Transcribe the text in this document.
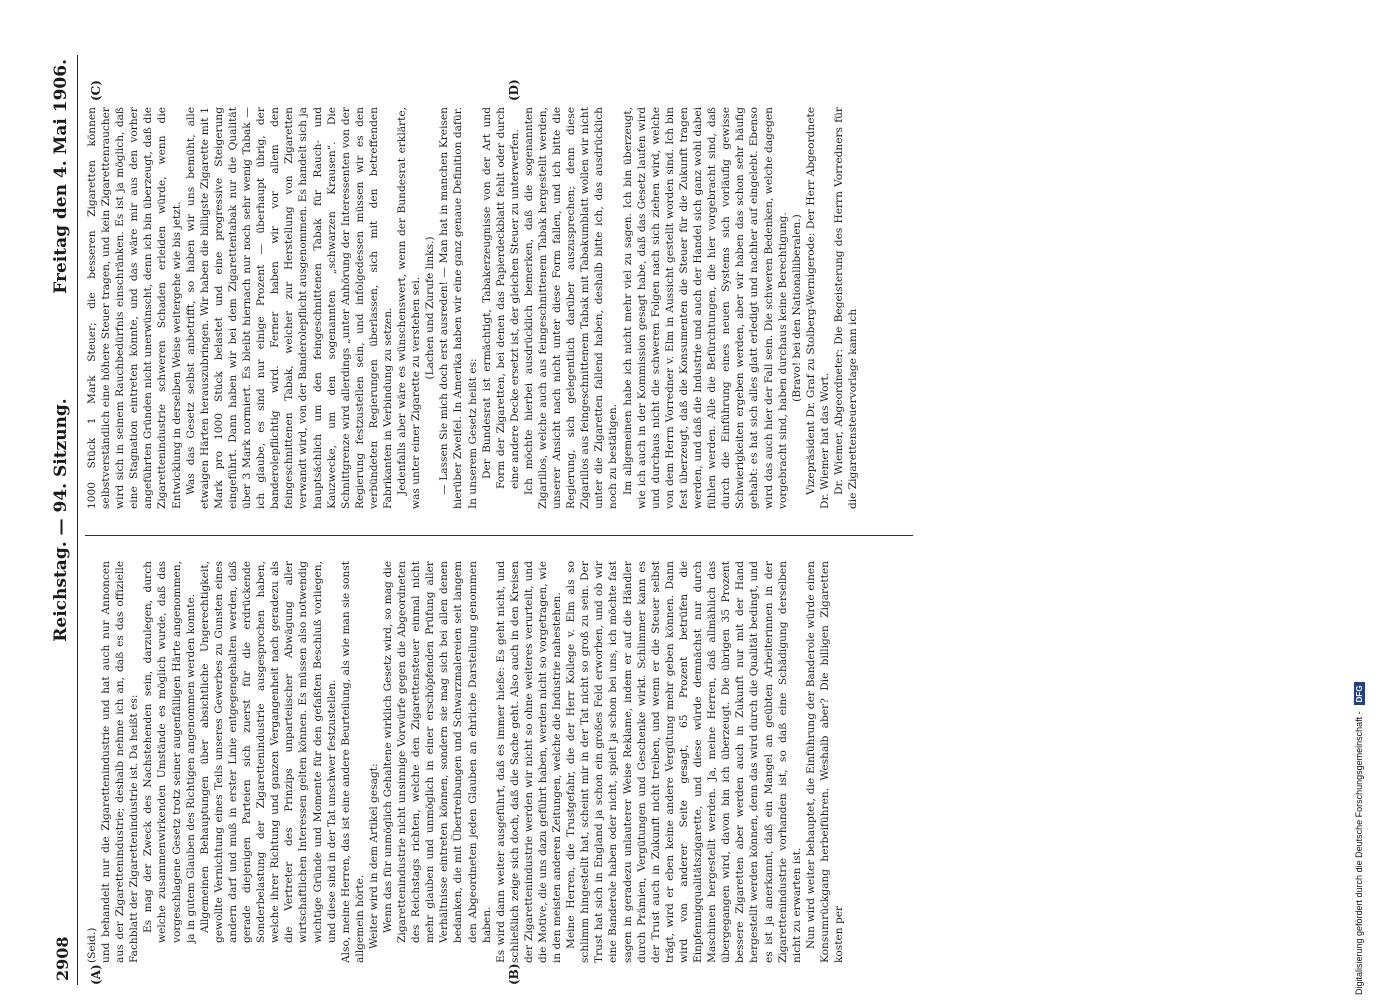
2908
Reichstag. — 94. Sitzung.
Freitag den 4. Mai 1906.
(A)	(B)
(C)	(D)

(Seid.) und behandelt nur die Zigarettenindustrie und hat auch nur Annoncen aus der Zigarettenindustrie; deshalb nehme ich an, daß es das offizielle Fachblatt der Zigarettenindustrie ist. Da heißt es: Es mag der Zweck des Nachstehenden sein, darzulegen, durch welche zusammenwirkenden Umstände es möglich wurde, daß das vorgeschlagene Gesetz trotz seiner augenfälligen Härte angenommen, ja in gutem Glauben des Richtigen angenommen werden konnte. Allgemeinen Behauptungen über absichtliche Ungerechtigkeit, gewollte Vernichtung eines Teils unseres Gewerbes zu Gunsten eines andern darf und muß in erster Linie entgegengehalten werden, daß gerade diejenigen Parteien sich zuerst für die erdrückende Sonderbelastung der Zigarettenindustrie ausgesprochen haben, welche ihrer Richtung und ganzen Vergangenheit nach geradezu als die Vertreter des Prinzips unparteiischer Abwägung aller wirtschaftlichen Interessen gelten können. Es müssen also notwendig wichtige Gründe und Momente für den gefaßten Beschluß vorliegen, und diese sind in der Tat unschwer festzustellen. Also, meine Herren, das ist eine andere Beurteilung, als wie man sie sonst allgemein hörte. Weiter wird in dem Artikel gesagt: Wenn das für unmöglich Gehaltene wirklich Gesetz wird, so mag die Zigarettenindustrie nicht unsinnige Vorwürfe gegen die Abgeordneten des Reichstags richten, welche den Zigarettensteuer einmal nicht mehr glauben und unmöglich in einer erschöpfenden Prüfung aller Verhältnisse eintreten können, sondern sie mag sich bei allen denen bedanken, die mit Übertreibungen und Schwarzmalereien seit langem den Abgeordneten jeden Glauben an ehrliche Darstellung genommen haben. Es wird dann weiter ausgeführt, daß es immer hieße: Es geht nicht, und schließlich zeige sich doch, daß die Sache geht. Also auch in den Kreisen der Zigarettenindustrie werden wir nicht so ohne weiteres verurteilt, und die Motive, die uns dazu geführt haben, werden nicht so vorgetragen, wie in den meisten anderen Zeitungen, welche die Industrie nahestehen. Meine Herren, die Trustgefahr, die der Herr Kollege v. Elm als so schlimm hingestellt hat, scheint mir in der Tat nicht so groß zu sein. Der Trust hat sich in England ja schon ein großes Feld erworben, und ob wir eine Banderole haben oder nicht, spielt ja schon bei uns, ich möchte fast sagen in geradezu unlauterer Weise Reklame, indem er auf die Händler durch Prämien, Vergütungen und Geschenke wirkt. Schlimmer kann es der Trust auch in Zukunft nicht treiben, und wenn er die Steuer selbst trägt, wird er eben keine andere Vergütung mehr geben können. Dann wird von anderer Seite gesagt, 65 Prozent betrüfen die Einpfennigqualitätszigarette, und diese würde demnächst nur durch Maschinen hergestellt werden. Ja, meine Herren, daß allmählich das übergegangen wird, davon bin ich überzeugt. Die übrigen 35 Prozent bessere Zigaretten aber werden auch in Zukunft nur mit der Hand hergestellt werden können, denn das wird durch die Qualität bedingt, und es ist ja anerkannt, daß ein Mangel an geübten Arbeiterinnen in der Zigarettenindustrie vorhanden ist, so daß eine Schädigung derselben nicht zu erwarten ist. Nun wird weiter behauptet, die Einführung der Banderole würde einen Konsumrückgang herbeiführen. Weshalb aber? Die billigen Zigaretten kosten per

1000 Stück 1 Mark Steuer; die besseren Zigaretten können selbstverständlich eine höhere Steuer tragen, und kein Zigarettenraucher wird sich in seinem Rauchbedürfnis einschränken. Es ist ja möglich, daß eine Stagnation eintreten könnte, und das wäre mir aus den vorher angeführten Gründen nicht unerwünscht, denn ich bin überzeugt, daß die Zigarettenindustrie schweren Schaden erleiden würde, wenn die Entwicklung in derselben Weise weitergehe wie bis jetzt. Was das Gesetz selbst anbetrifft, so haben wir uns bemüht, alle etwaigen Härten herauszubringen. Wir haben die billigste Zigarette mit 1 Mark pro 1000 Stück belastet und eine progressive Steigerung eingeführt. Dann haben wir bei dem Zigarettentabak nur die Qualität über 3 Mark normiert. Es bleibt hiernach nur noch sehr wenig Tabak — ich glaube, es sind nur einige Prozent — überhaupt übrig, der banderolepflichtig wird. Ferner haben wir vor allem den feingeschnittenen Tabak, welcher zur Herstellung von Zigaretten verwandt wird, von der Banderolepflicht ausgenommen. Es handelt sich ja hauptsächlich um den feingeschnittenen Tabak für Rauch- und Kauzwecke, um den sogenannten „schwarzen Krausen“. Die Schnittgrenze wird allerdings „unter Anhörung der Interessenten von der Regierung festzustellen sein, und infolgedessen müssen wir es den verbündeten Regierungen überlassen, sich mit den betreffenden Fabrikanten in Verbindung zu setzen. Jedenfalls aber wäre es wünschenswert, wenn der Bundesrat erklärte, was unter einer Zigarette zu verstehen sei. (Lachen und Zurufe links.) — Lassen Sie mich doch erst ausreden! — Man hat in manchen Kreisen hierüber Zweifel. In Amerika haben wir eine ganz genaue Definition dafür. In unserem Gesetz heißt es: Der Bundesrat ist ermächtigt, Tabakerzeugnisse von der Art und Form der Zigaretten, bei denen das Papierdeckblatt fehlt oder durch eine andere Decke ersetzt ist, der gleichen Steuer zu unterwerfen. Ich möchte hierbei ausdrücklich bemerken, daß die sogenannten Zigarillos, welche auch aus feingeschnittenem Tabak hergestellt werden, unserer Ansicht nach nicht unter diese Form fallen, und ich bitte die Regierung, sich gelegentlich darüber auszusprechen; denn diese Zigarillos aus feingeschnittenem Tabak mit Tabakumblatt wollen wir nicht unter die Zigaretten fallend haben, deshalb bitte ich, das ausdrücklich noch zu bestätigen. Im allgemeinen habe ich nicht mehr viel zu sagen. Ich bin überzeugt, wie ich auch in der Kommission gesagt habe, daß das Gesetz laufen wird und durchaus nicht die schweren Folgen nach sich ziehen wird, welche von dem Herrn Vorredner v. Elm in Aussicht gestellt worden sind. Ich bin fest überzeugt, daß die Konsumenten die Steuer für die Zukunft tragen werden, und daß die Industrie und auch der Handel sich ganz wohl dabei fühlen werden. Alle die Befürchtungen, die hier vorgebracht sind, daß durch die Einführung eines neuen Systems sich vorläufig gewisse Schwierigkeiten ergeben werden, aber wir haben das schon sehr häufig gehabt: es hat sich alles glatt erledigt und nachher auf eingelebt. Ebenso wird das auch hier der Fall sein. Die schweren Bedenken, welche dagegen vorgebracht sind, haben durchaus keine Berechtigung. (Bravo! bei den Nationalliberalen.) Vizepräsident Dr. Graf zu Stolberg-Wernigerode: Der Herr Abgeordnete Dr. Wiemer hat das Wort. Dr. Wiemer, Abgeordneter: Die Begeisterung des Herrn Vorredners für die Zigarettensteuervorlage kann ich

Digitalisierung gefördert durch die Deutsche Forschungsgemeinschaft -DFG
